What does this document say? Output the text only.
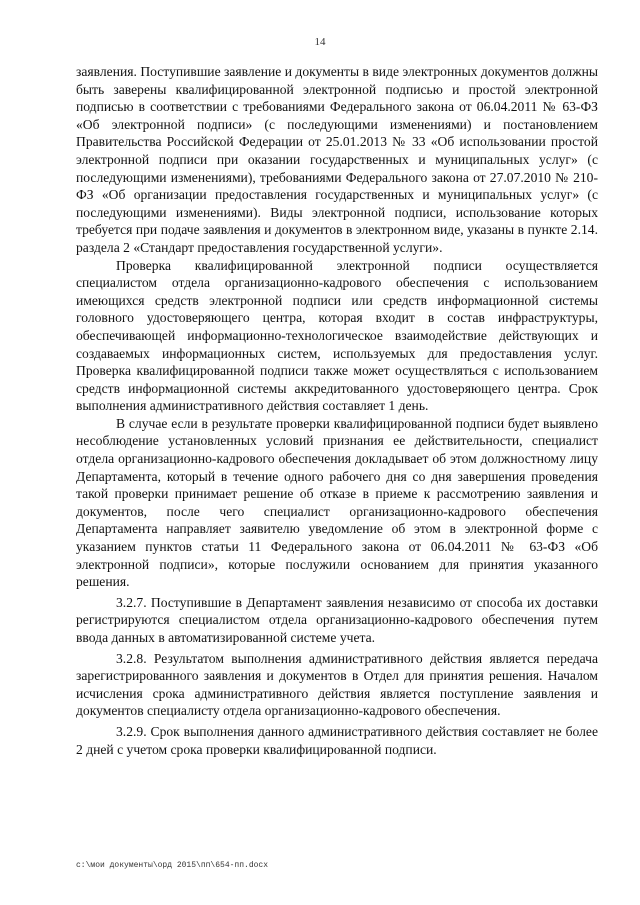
14

заявления. Поступившие заявление и документы в виде электронных документов должны быть заверены квалифицированной электронной подписью и простой электронной подписью в соответствии с требованиями Федерального закона от 06.04.2011 № 63-ФЗ «Об электронной подписи» (с последующими изменениями) и постановлением Правительства Российской Федерации от 25.01.2013 № 33 «Об использовании простой электронной подписи при оказании государственных и муниципальных услуг» (с последующими изменениями), требованиями Федерального закона от 27.07.2010 № 210-ФЗ «Об организации предоставления государственных и муниципальных услуг» (с последующими изменениями). Виды электронной подписи, использование которых требуется при подаче заявления и документов в электронном виде, указаны в пункте 2.14. раздела 2 «Стандарт предоставления государственной услуги».

Проверка квалифицированной электронной подписи осуществляется специалистом отдела организационно-кадрового обеспечения с использованием имеющихся средств электронной подписи или средств информационной системы головного удостоверяющего центра, которая входит в состав инфраструктуры, обеспечивающей информационно-технологическое взаимодействие действующих и создаваемых информационных систем, используемых для предоставления услуг. Проверка квалифицированной подписи также может осуществляться с использованием средств информационной системы аккредитованного удостоверяющего центра. Срок выполнения административного действия составляет 1 день.

В случае если в результате проверки квалифицированной подписи будет выявлено несоблюдение установленных условий признания ее действительности, специалист отдела организационно-кадрового обеспечения докладывает об этом должностному лицу Департамента, который в течение одного рабочего дня со дня завершения проведения такой проверки принимает решение об отказе в приеме к рассмотрению заявления и документов, после чего специалист организационно-кадрового обеспечения Департамента направляет заявителю уведомление об этом в электронной форме с указанием пунктов статьи 11 Федерального закона от 06.04.2011 № 63-ФЗ «Об электронной подписи», которые послужили основанием для принятия указанного решения.

3.2.7. Поступившие в Департамент заявления независимо от способа их доставки регистрируются специалистом отдела организационно-кадрового обеспечения путем ввода данных в автоматизированной системе учета.

3.2.8. Результатом выполнения административного действия является передача зарегистрированного заявления и документов в Отдел для принятия решения. Началом исчисления срока административного действия является поступление заявления и документов специалисту отдела организационно-кадрового обеспечения.

3.2.9. Срок выполнения данного административного действия составляет не более 2 дней с учетом срока проверки квалифицированной подписи.

c:\мои документы\орд 2015\пп\654-пп.docx
